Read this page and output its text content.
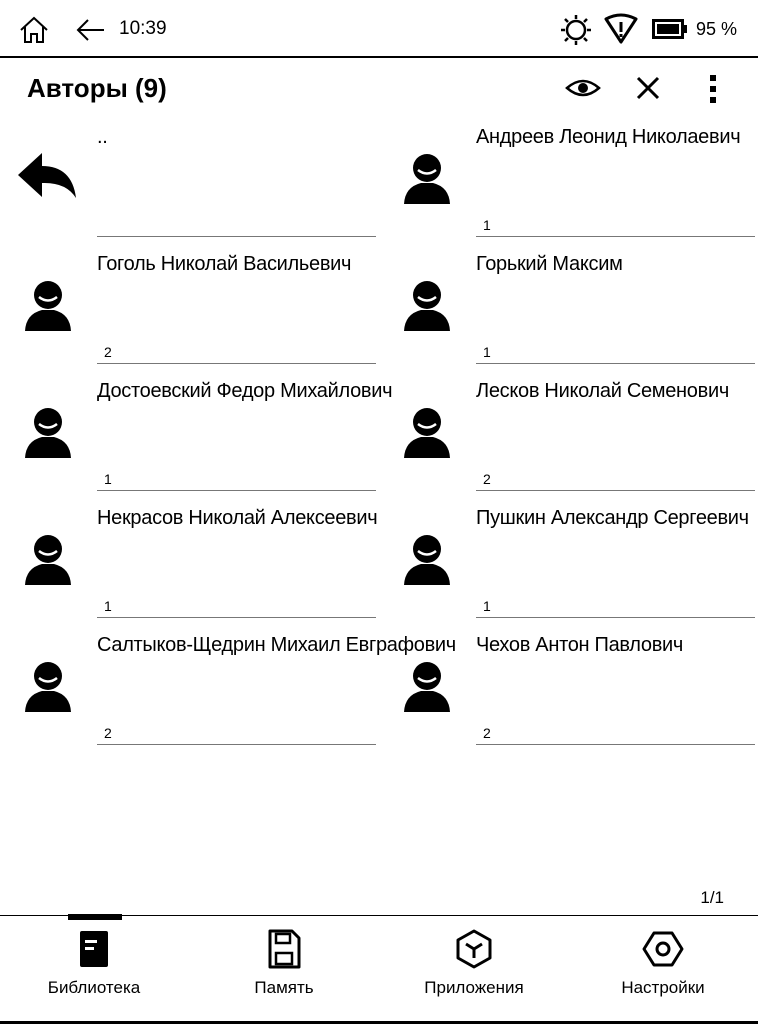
10:39	95 %
Авторы (9)
..	Андреев Леонид Николаевич
1
Гоголь Николай Васильевич
2
Горький Максим
1
Достоевский Федор Михайлович
1
Лесков Николай Семенович
2
Некрасов Николай Алексеевич
1
Пушкин Александр Сергеевич
1
Салтыков-Щедрин Михаил Евграфович
2
Чехов Антон Павлович
2
1/1
Библиотека	Память	Приложения	Настройки
